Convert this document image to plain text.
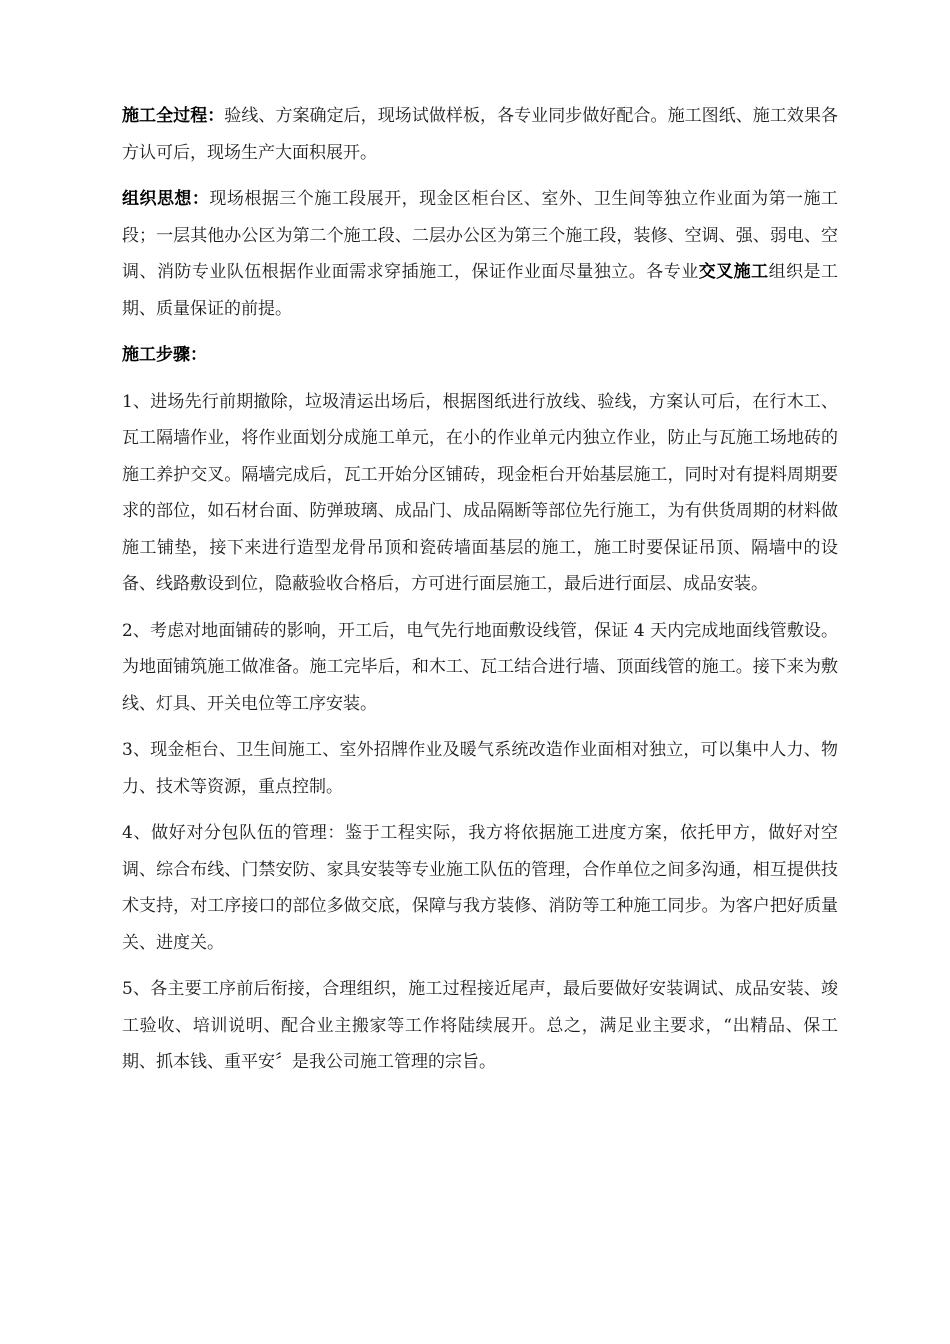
施工全过程：验线、方案确定后，现场试做样板，各专业同步做好配合。施工图纸、施工效果各方认可后，现场生产大面积展开。

组织思想：现场根据三个施工段展开，现金区柜台区、室外、卫生间等独立作业面为第一施工段；一层其他办公区为第二个施工段、二层办公区为第三个施工段，装修、空调、强、弱电、空调、消防专业队伍根据作业面需求穿插施工，保证作业面尽量独立。各专业交叉施工组织是工期、质量保证的前提。

施工步骤：

1、进场先行前期撤除，垃圾清运出场后，根据图纸进行放线、验线，方案认可后，在行木工、瓦工隔墙作业，将作业面划分成施工单元，在小的作业单元内独立作业，防止与瓦施工场地砖的施工养护交叉。隔墙完成后，瓦工开始分区铺砖，现金柜台开始基层施工，同时对有提料周期要求的部位，如石材台面、防弹玻璃、成品门、成品隔断等部位先行施工，为有供货周期的材料做施工铺垫，接下来进行造型龙骨吊顶和瓷砖墙面基层的施工，施工时要保证吊顶、隔墙中的设备、线路敷设到位，隐蔽验收合格后，方可进行面层施工，最后进行面层、成品安装。

2、考虑对地面铺砖的影响，开工后，电气先行地面敷设线管，保证 4 天内完成地面线管敷设。为地面铺筑施工做准备。施工完毕后，和木工、瓦工结合进行墙、顶面线管的施工。接下来为敷线、灯具、开关电位等工序安装。

3、现金柜台、卫生间施工、室外招牌作业及暖气系统改造作业面相对独立，可以集中人力、物力、技术等资源，重点控制。

4、做好对分包队伍的管理：鉴于工程实际，我方将依据施工进度方案，依托甲方，做好对空调、综合布线、门禁安防、家具安装等专业施工队伍的管理，合作单位之间多沟通，相互提供技术支持，对工序接口的部位多做交底，保障与我方装修、消防等工种施工同步。为客户把好质量关、进度关。

5、各主要工序前后衔接，合理组织，施工过程接近尾声，最后要做好安装调试、成品安装、竣工验收、培训说明、配合业主搬家等工作将陆续展开。总之，满足业主要求，“出精品、保工期、抓本钱、重平安〞是我公司施工管理的宗旨。
